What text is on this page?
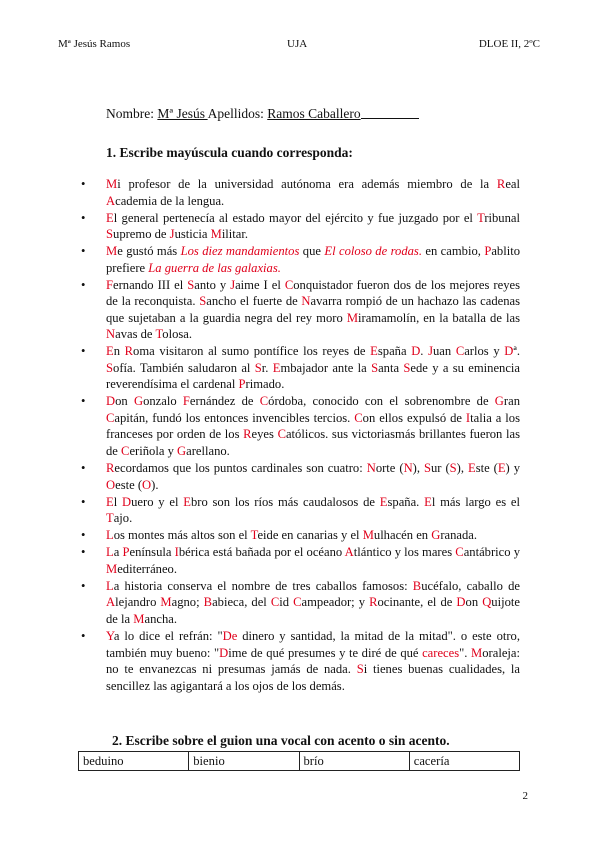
Mª Jesús Ramos	UJA	DLOE II, 2ºC
Nombre: Mª Jesús Apellidos: Ramos Caballero
1. Escribe mayúscula cuando corresponda:
• Mi profesor de la universidad autónoma era además miembro de la Real Academia de la lengua.
• El general pertenecía al estado mayor del ejército y fue juzgado por el Tribunal Supremo de Justicia Militar.
• Me gustó más Los diez mandamientos que El coloso de rodas. en cambio, Pablito prefiere La guerra de las galaxias.
• Fernando III el Santo y Jaime I el Conquistador fueron dos de los mejores reyes de la reconquista. Sancho el fuerte de Navarra rompió de un hachazo las cadenas que sujetaban a la guardia negra del rey moro Miramamolín, en la batalla de las Navas de Tolosa.
• En Roma visitaron al sumo pontífice los reyes de España D. Juan Carlos y Dª. Sofía. También saludaron al Sr. Embajador ante la Santa Sede y a su eminencia reverendísima el cardenal Primado.
• Don Gonzalo Fernández de Córdoba, conocido con el sobrenombre de Gran Capitán, fundó los entonces invencibles tercios. Con ellos expulsó de Italia a los franceses por orden de los Reyes Católicos. sus victoriasmás brillantes fueron las de Ceriñola y Garellano.
• Recordamos que los puntos cardinales son cuatro: Norte (N), Sur (S), Este (E) y Oeste (O).
• El Duero y el Ebro son los ríos más caudalosos de España. El más largo es el Tajo.
• Los montes más altos son el Teide en canarias y el Mulhacén en Granada.
• La Península Ibérica está bañada por el océano Atlántico y los mares Cantábrico y Mediterráneo.
• La historia conserva el nombre de tres caballos famosos: Bucéfalo, caballo de Alejandro Magno; Babieca, del Cid Campeador; y Rocinante, el de Don Quijote de la Mancha.
• Ya lo dice el refrán: "De dinero y santidad, la mitad de la mitad". o este otro, también muy bueno: "Dime de qué presumes y te diré de qué careces". Moraleja: no te envanezcas ni presumas jamás de nada. Si tienes buenas cualidades, la sencillez las agigantará a los ojos de los demás.
2. Escribe sobre el guion una vocal con acento o sin acento.
beduino	bienio	brío	cacería
2
